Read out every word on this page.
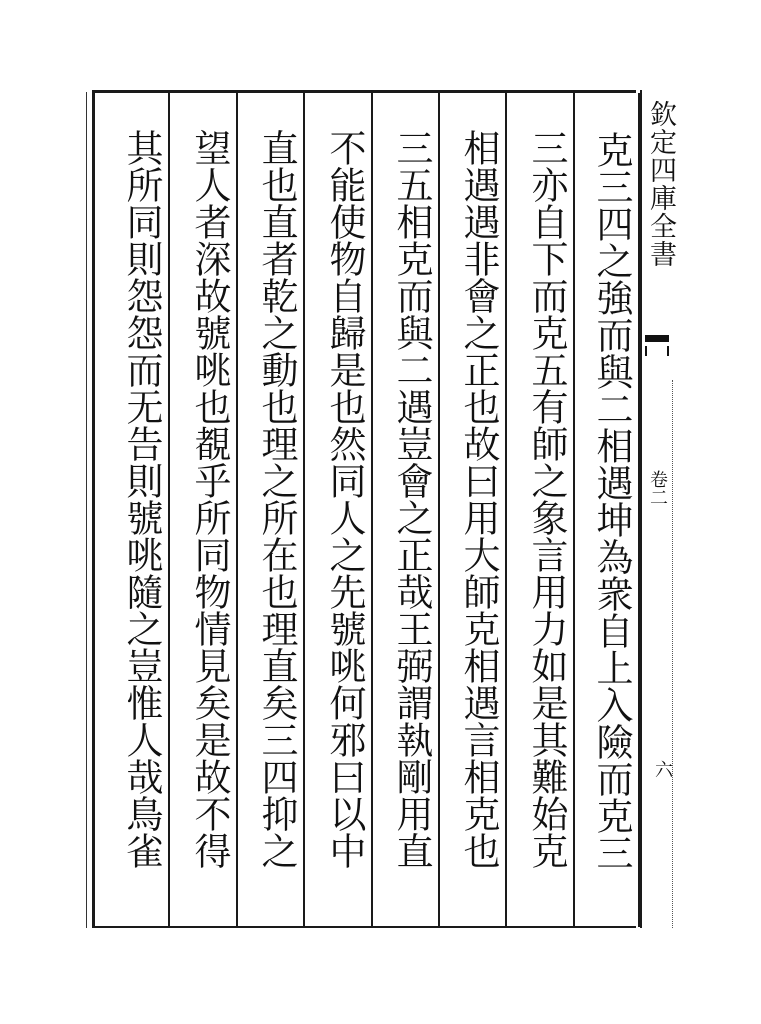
欽定四庫全書
卷二
六
克三四之強而與二相遇坤為衆自上入險而克三
三亦自下而克五有師之象言用力如是其難始克
相遇遇非會之正也故曰用大師克相遇言相克也
三五相克而與二遇豈會之正哉王弼謂執剛用直
不能使物自歸是也然同人之先號咷何邪曰以中
直也直者乾之動也理之所在也理直矣三四抑之
望人者深故號咷也覩乎所同物情見矣是故不得
其所同則怨怨而无告則號咷隨之豈惟人哉鳥雀
